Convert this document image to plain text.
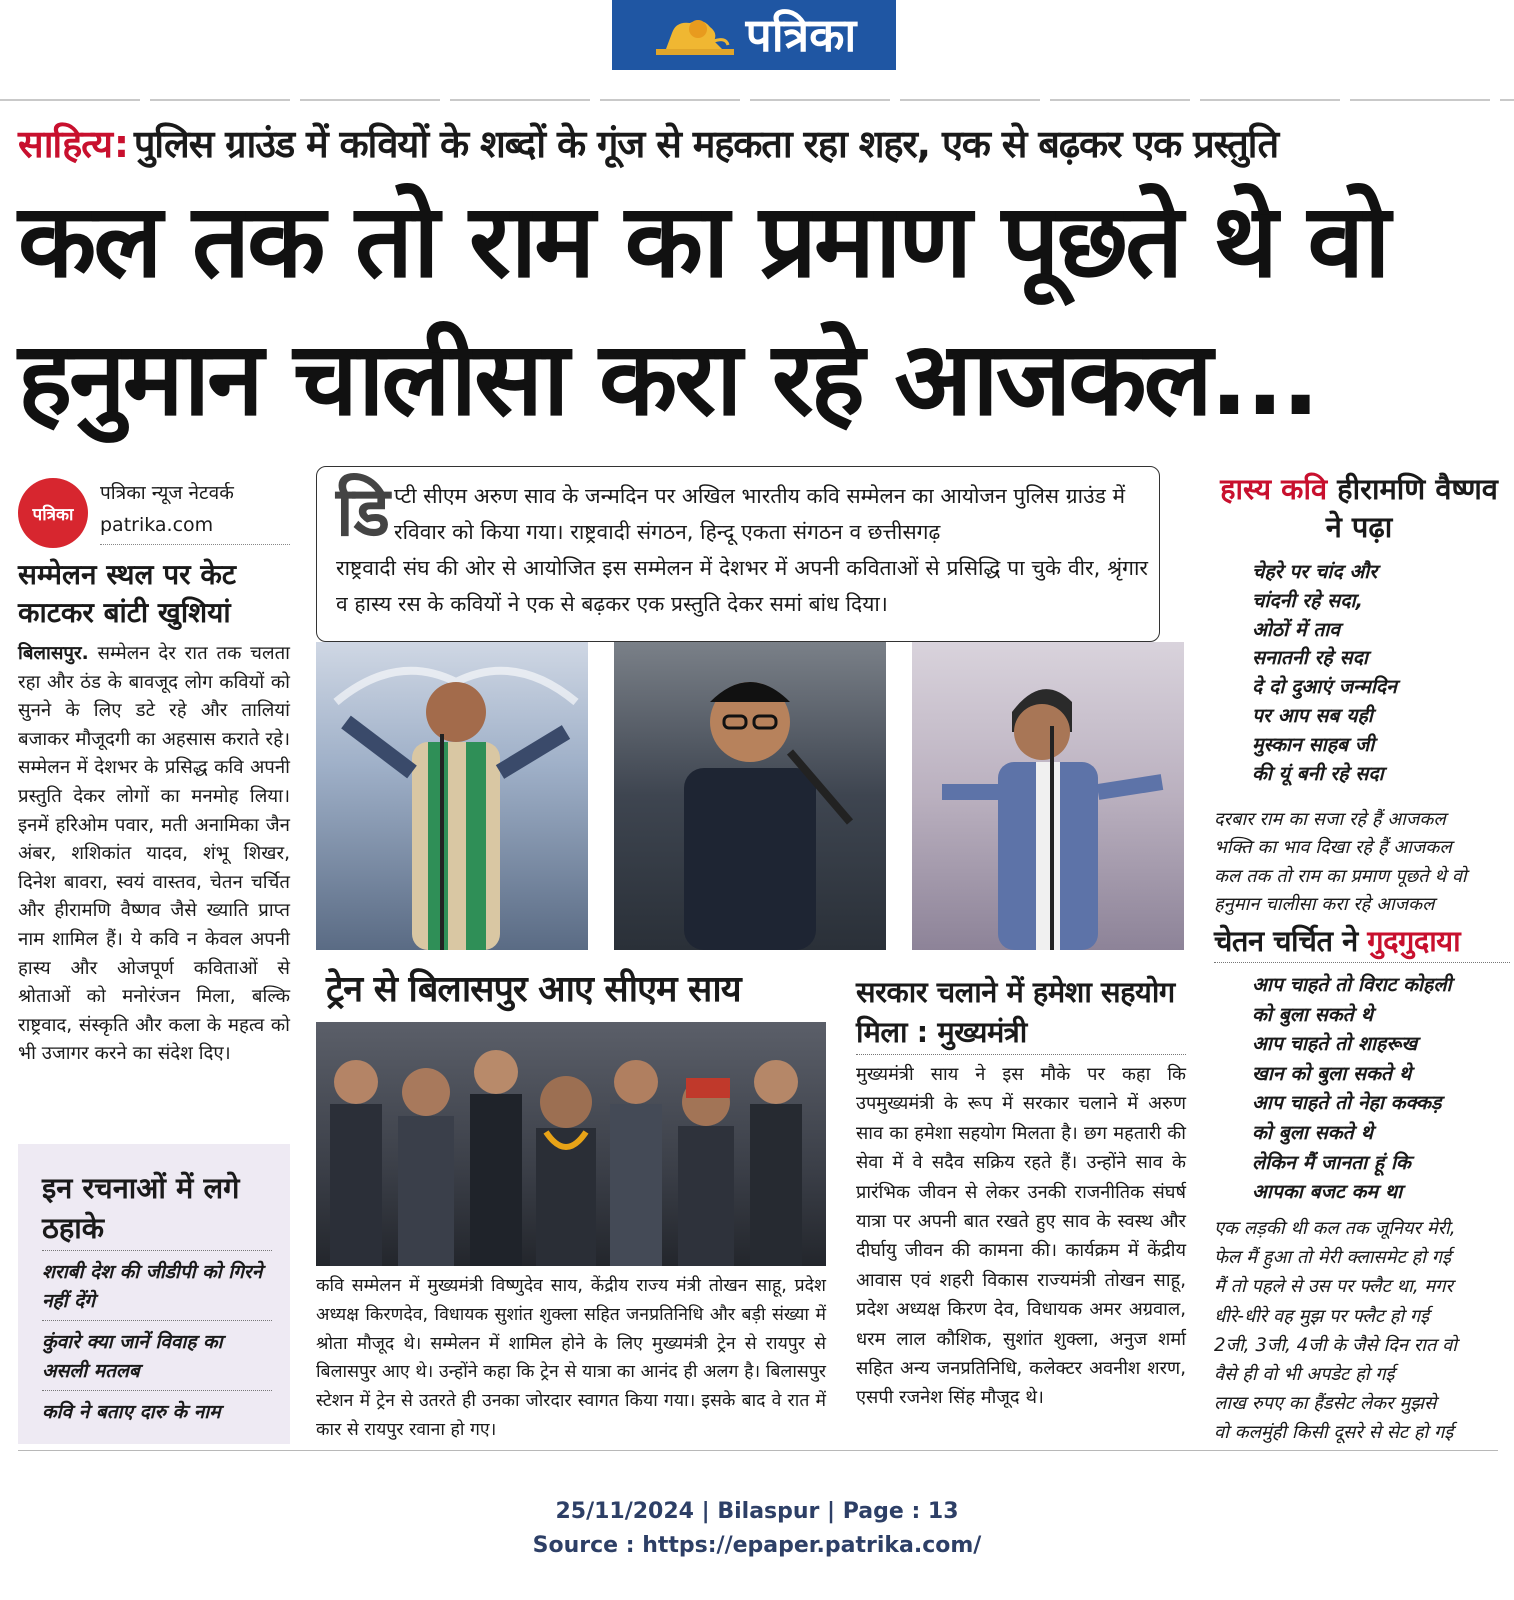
पत्रिका
साहित्य: पुलिस ग्राउंड में कवियों के शब्दों के गूंज से महकता रहा शहर, एक से बढ़कर एक प्रस्तुति
कल तक तो राम का प्रमाण पूछते थे वो
हनुमान चालीसा करा रहे आजकल...
पत्रिका
पत्रिका न्यूज नेटवर्क
patrika.com
सम्मेलन स्थल पर केट काटकर बांटी खुशियां
बिलासपुर. सम्मेलन देर रात तक चलता रहा और ठंड के बावजूद लोग कवियों को सुनने के लिए डटे रहे और तालियां बजाकर मौजूदगी का अहसास कराते रहे। सम्मेलन में देशभर के प्रसिद्ध कवि अपनी प्रस्तुति देकर लोगों का मनमोह लिया। इनमें हरिओम पवार, मती अनामिका जैन अंबर, शशिकांत यादव, शंभू शिखर, दिनेश बावरा, स्वयं वास्तव, चेतन चर्चित और हीरामणि वैष्णव जैसे ख्याति प्राप्त नाम शामिल हैं। ये कवि न केवल अपनी हास्य और ओजपूर्ण कविताओं से श्रोताओं को मनोरंजन मिला, बल्कि राष्ट्रवाद, संस्कृति और कला के महत्व को भी उजागर करने का संदेश दिए।
इन रचनाओं में लगे ठहाके
शराबी देश की जीडीपी को गिरने नहीं देंगे
कुंवारे क्या जानें विवाह का असली मतलब
कवि ने बताए दारु के नाम
डि प्टी सीएम अरुण साव के जन्मदिन पर अखिल भारतीय कवि सम्मेलन का आयोजन पुलिस ग्राउंड में रविवार को किया गया। राष्ट्रवादी संगठन, हिन्दू एकता संगठन व छत्तीसगढ़
राष्ट्रवादी संघ की ओर से आयोजित इस सम्मेलन में देशभर में अपनी कविताओं से प्रसिद्धि पा चुके वीर, श्रृंगार व हास्य रस के कवियों ने एक से बढ़कर एक प्रस्तुति देकर समां बांध दिया।
ट्रेन से बिलासपुर आए सीएम साय
कवि सम्मेलन में मुख्यमंत्री विष्णुदेव साय, केंद्रीय राज्य मंत्री तोखन साहू, प्रदेश अध्यक्ष किरणदेव, विधायक सुशांत शुक्ला सहित जनप्रतिनिधि और बड़ी संख्या में श्रोता मौजूद थे। सम्मेलन में शामिल होने के लिए मुख्यमंत्री ट्रेन से रायपुर से बिलासपुर आए थे। उन्होंने कहा कि ट्रेन से यात्रा का आनंद ही अलग है। बिलासपुर स्टेशन में ट्रेन से उतरते ही उनका जोरदार स्वागत किया गया। इसके बाद वे रात में कार से रायपुर रवाना हो गए।
सरकार चलाने में हमेशा सहयोग मिला : मुख्यमंत्री
मुख्यमंत्री साय ने इस मौके पर कहा कि उपमुख्यमंत्री के रूप में सरकार चलाने में अरुण साव का हमेशा सहयोग मिलता है। छग महतारी की सेवा में वे सदैव सक्रिय रहते हैं। उन्होंने साव के प्रारंभिक जीवन से लेकर उनकी राजनीतिक संघर्ष यात्रा पर अपनी बात रखते हुए साव के स्वस्थ और दीर्घायु जीवन की कामना की। कार्यक्रम में केंद्रीय आवास एवं शहरी विकास राज्यमंत्री तोखन साहू, प्रदेश अध्यक्ष किरण देव, विधायक अमर अग्रवाल, धरम लाल कौशिक, सुशांत शुक्ला, अनुज शर्मा सहित अन्य जनप्रतिनिधि, कलेक्टर अवनीश शरण, एसपी रजनेश सिंह मौजूद थे।
हास्य कवि हीरामणि वैष्णव ने पढ़ा
चेहरे पर चांद और
चांदनी रहे सदा,
ओठों में ताव
सनातनी रहे सदा
दे दो दुआएं जन्मदिन
पर आप सब यही
मुस्कान साहब जी
की यूं बनी रहे सदा
दरबार राम का सजा रहे हैं आजकल
भक्ति का भाव दिखा रहे हैं आजकल
कल तक तो राम का प्रमाण पूछते थे वो
हनुमान चालीसा करा रहे आजकल
चेतन चर्चित ने गुदगुदाया
आप चाहते तो विराट कोहली
को बुला सकते थे
आप चाहते तो शाहरूख
खान को बुला सकते थे
आप चाहते तो नेहा कक्कड़
को बुला सकते थे
लेकिन मैं जानता हूं कि
आपका बजट कम था
एक लड़की थी कल तक जूनियर मेरी,
फेल मैं हुआ तो मेरी क्लासमेट हो गई
मैं तो पहले से उस पर फ्लैट था, मगर
धीरे-धीरे वह मुझ पर फ्लैट हो गई
2जी, 3जी, 4जी के जैसे दिन रात वो
वैसे ही वो भी अपडेट हो गई
लाख रुपए का हैंडसेट लेकर मुझसे
वो कलमुंही किसी दूसरे से सेट हो गई
25/11/2024 | Bilaspur | Page : 13
Source : https://epaper.patrika.com/
